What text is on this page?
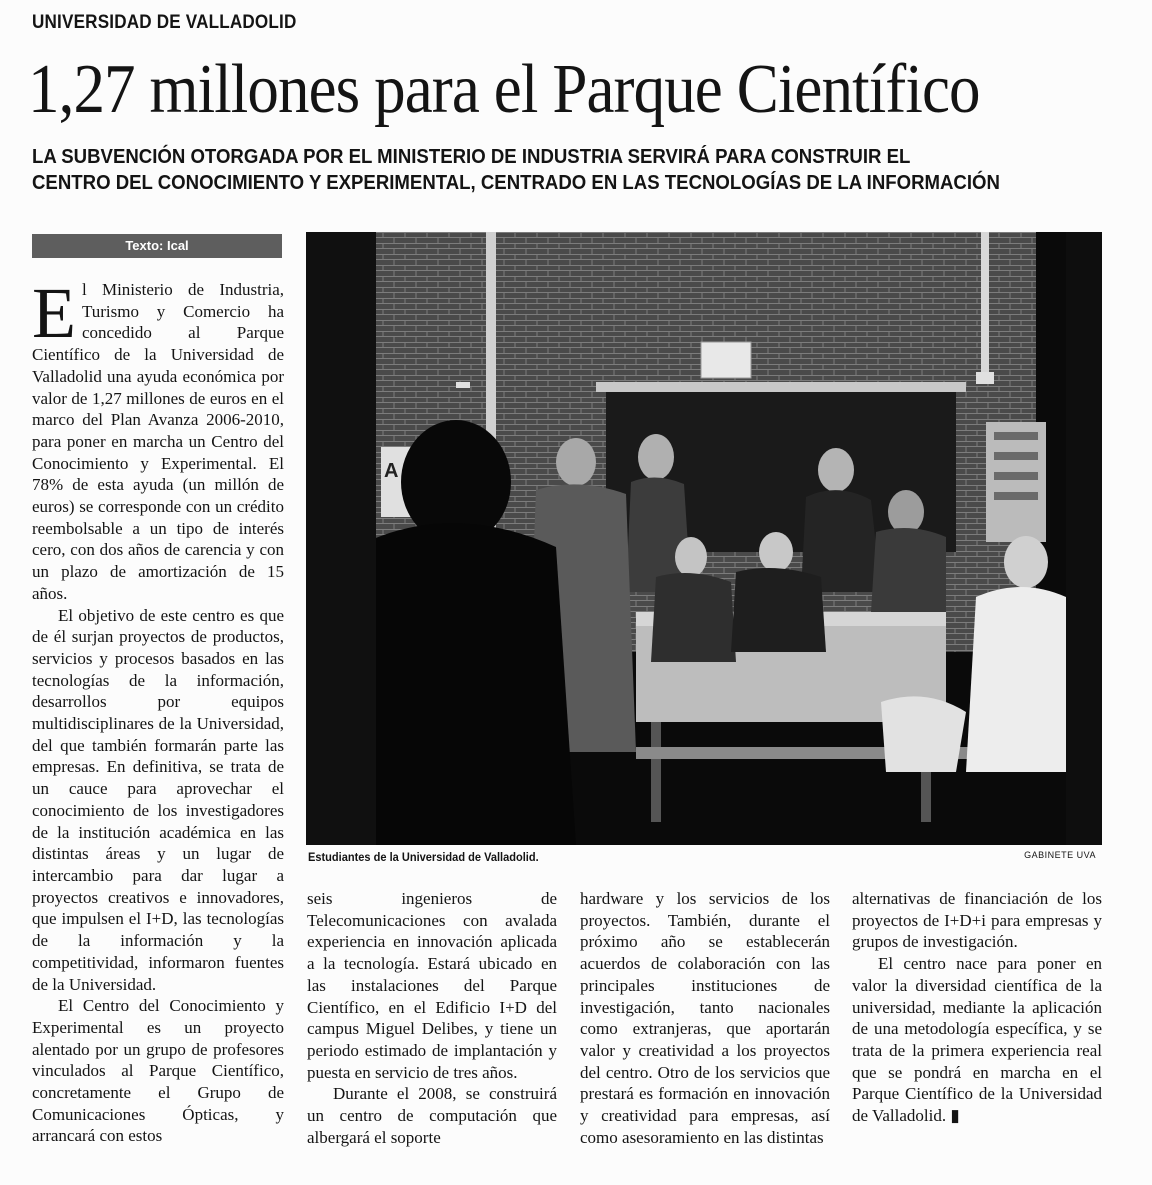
UNIVERSIDAD DE VALLADOLID
1,27 millones para el Parque Científico
LA SUBVENCIÓN OTORGADA POR EL MINISTERIO DE INDUSTRIA SERVIRÁ PARA CONSTRUIR EL
CENTRO DEL CONOCIMIENTO Y EXPERIMENTAL, CENTRADO EN LAS TECNOLOGÍAS DE LA INFORMACIÓN
Texto: Ical
A
Estudiantes de la Universidad de Valladolid.	GABINETE UVA

El Ministerio de Industria, Turismo y Comercio ha concedido al Parque Científico de la Universidad de Valladolid una ayuda económica por valor de 1,27 millones de euros en el marco del Plan Avanza 2006-2010, para poner en marcha un Centro del Conocimiento y Experimental. El 78% de esta ayuda (un millón de euros) se corresponde con un crédito reembolsable a un tipo de interés cero, con dos años de carencia y con un plazo de amortización de 15 años.

El objetivo de este centro es que de él surjan proyectos de productos, servicios y procesos basados en las tecnologías de la información, desarrollos por equipos multidisciplinares de la Universidad, del que también formarán parte las empresas. En definitiva, se trata de un cauce para aprovechar el conocimiento de los investigadores de la institución académica en las distintas áreas y un lugar de intercambio para dar lugar a proyectos creativos e innovadores, que impulsen el I+D, las tecnologías de la información y la competitividad, informaron fuentes de la Universidad.

El Centro del Conocimiento y Experimental es un proyecto alentado por un grupo de profesores vinculados al Parque Científico, concretamente el Grupo de Comunicaciones Ópticas, y arrancará con estos

seis ingenieros de Telecomunicaciones con avalada experiencia en innovación aplicada a la tecnología. Estará ubicado en las instalaciones del Parque Científico, en el Edificio I+D del campus Miguel Delibes, y tiene un periodo estimado de implantación y puesta en servicio de tres años.

Durante el 2008, se construirá un centro de computación que albergará el soporte

hardware y los servicios de los proyectos. También, durante el próximo año se establecerán acuerdos de colaboración con las principales instituciones de investigación, tanto nacionales como extranjeras, que aportarán valor y creatividad a los proyectos del centro. Otro de los servicios que prestará es formación en innovación y creatividad para empresas, así como asesoramiento en las distintas

alternativas de financiación de los proyectos de I+D+i para empresas y grupos de investigación.

El centro nace para poner en valor la diversidad científica de la universidad, mediante la aplicación de una metodología específica, y se trata de la primera experiencia real que se pondrá en marcha en el Parque Científico de la Universidad de Valladolid. ▮
